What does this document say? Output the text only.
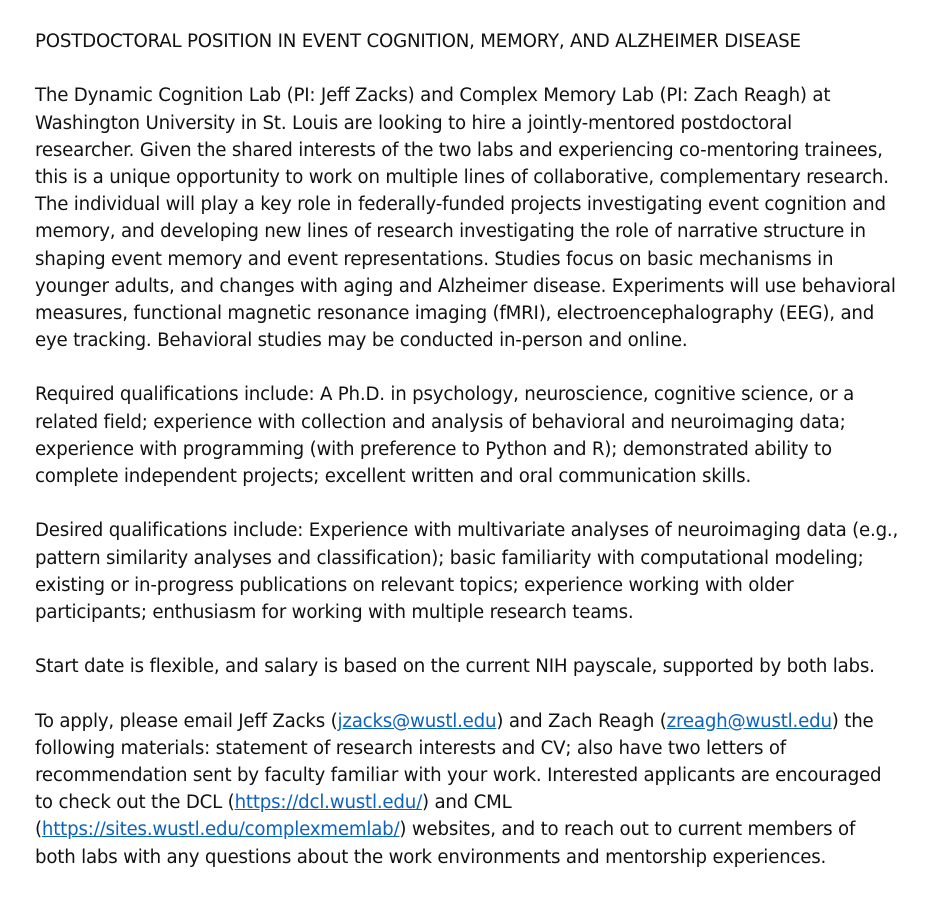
POSTDOCTORAL POSITION IN EVENT COGNITION, MEMORY, AND ALZHEIMER DISEASE
The Dynamic Cognition Lab (PI: Jeff Zacks) and Complex Memory Lab (PI: Zach Reagh) at
Washington University in St. Louis are looking to hire a jointly-mentored postdoctoral
researcher. Given the shared interests of the two labs and experiencing co-mentoring trainees,
this is a unique opportunity to work on multiple lines of collaborative, complementary research.
The individual will play a key role in federally-funded projects investigating event cognition and
memory, and developing new lines of research investigating the role of narrative structure in
shaping event memory and event representations. Studies focus on basic mechanisms in
younger adults, and changes with aging and Alzheimer disease. Experiments will use behavioral
measures, functional magnetic resonance imaging (fMRI), electroencephalography (EEG), and
eye tracking. Behavioral studies may be conducted in-person and online.
Required qualifications include: A Ph.D. in psychology, neuroscience, cognitive science, or a
related field; experience with collection and analysis of behavioral and neuroimaging data;
experience with programming (with preference to Python and R); demonstrated ability to
complete independent projects; excellent written and oral communication skills.
Desired qualifications include: Experience with multivariate analyses of neuroimaging data (e.g.,
pattern similarity analyses and classification); basic familiarity with computational modeling;
existing or in-progress publications on relevant topics; experience working with older
participants; enthusiasm for working with multiple research teams.
Start date is flexible, and salary is based on the current NIH payscale, supported by both labs.
To apply, please email Jeff Zacks (jzacks@wustl.edu) and Zach Reagh (zreagh@wustl.edu) the
following materials: statement of research interests and CV; also have two letters of
recommendation sent by faculty familiar with your work. Interested applicants are encouraged
to check out the DCL (https://dcl.wustl.edu/) and CML
(https://sites.wustl.edu/complexmemlab/) websites, and to reach out to current members of
both labs with any questions about the work environments and mentorship experiences.
